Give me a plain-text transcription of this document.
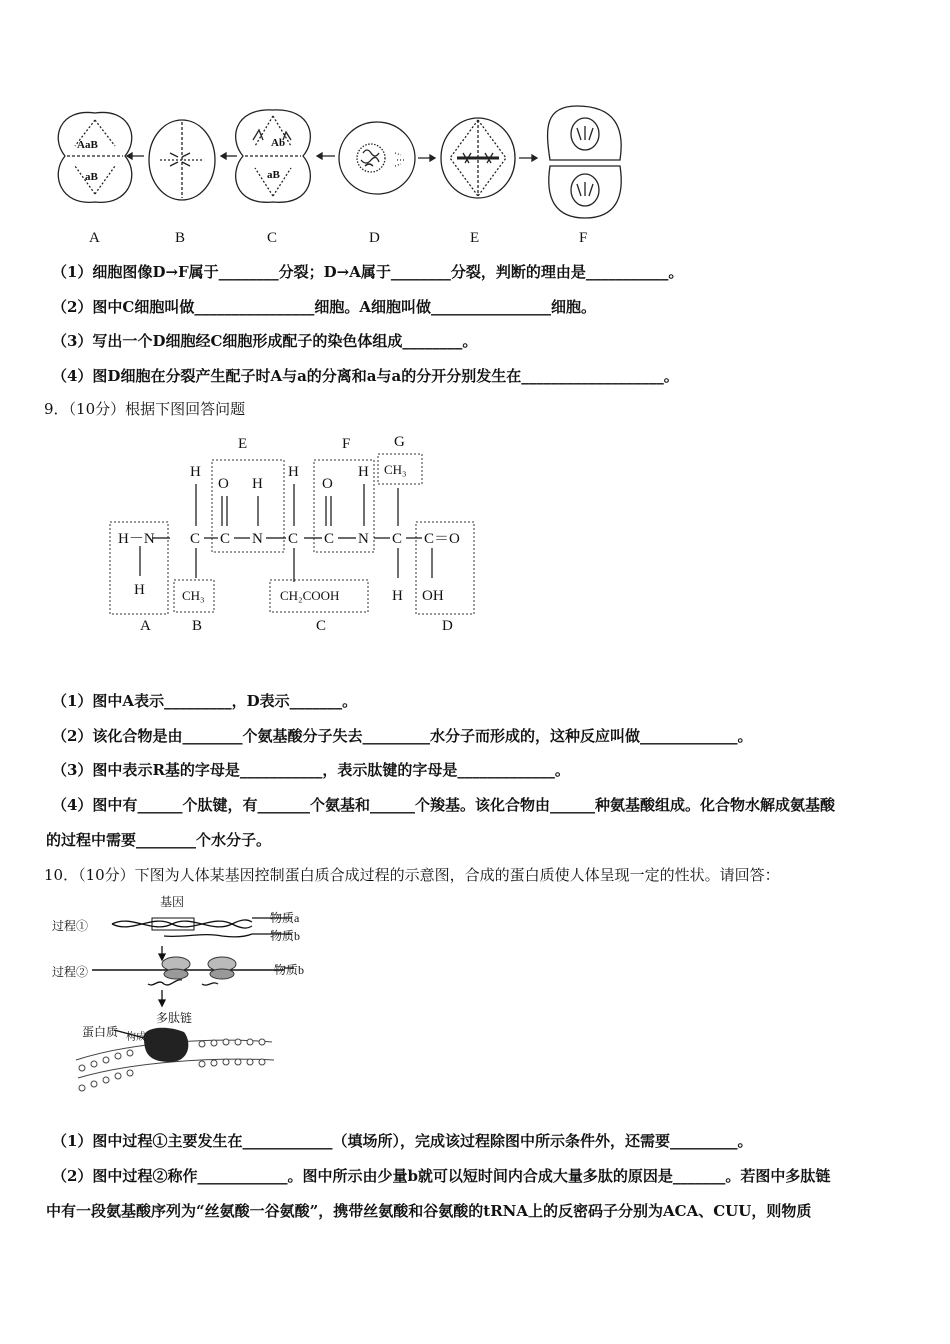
AaB
aB
Ab
aB
A	B	C	D	E	F
（1）细胞图像D→F属于________分裂；D→A属于________分裂，判断的理由是___________。
（2）图中C细胞叫做________________细胞。A细胞叫做________________细胞。
（3）写出一个D细胞经C细胞形成配子的染色体组成________。
（4）图D细胞在分裂产生配子时A与a的分离和a与a的分开分别发生在___________________。
9．（10分）根据下图回答问题
E	F	G
A	B	C	D
H－N
H
H
C
CH₃
O
C
H
N
H
C
CH₂COOH
O
C
H
N
CH₃
C
H
C＝O
OH
（1）图中A表示_________，D表示_______。
（2）该化合物是由________个氨基酸分子失去_________水分子而形成的，这种反应叫做_____________。
（3）图中表示R基的字母是___________，表示肽键的字母是_____________。
（4）图中有______个肽键，有_______个氨基和______个羧基。该化合物由______种氨基酸组成。化合物水解成氨基酸
的过程中需要________个水分子。
10．（10分）下图为人体某基因控制蛋白质合成过程的示意图，合成的蛋白质使人体呈现一定的性状。请回答：
基因
过程①
过程②
物质a
物质b
物质b
多肽链
构成
蛋白质
（1）图中过程①主要发生在____________（填场所），完成该过程除图中所示条件外，还需要_________。
（2）图中过程②称作____________。图中所示由少量b就可以短时间内合成大量多肽的原因是_______。若图中多肽链
中有一段氨基酸序列为“丝氨酸一谷氨酸”，携带丝氨酸和谷氨酸的tRNA上的反密码子分别为ACA、CUU，则物质
